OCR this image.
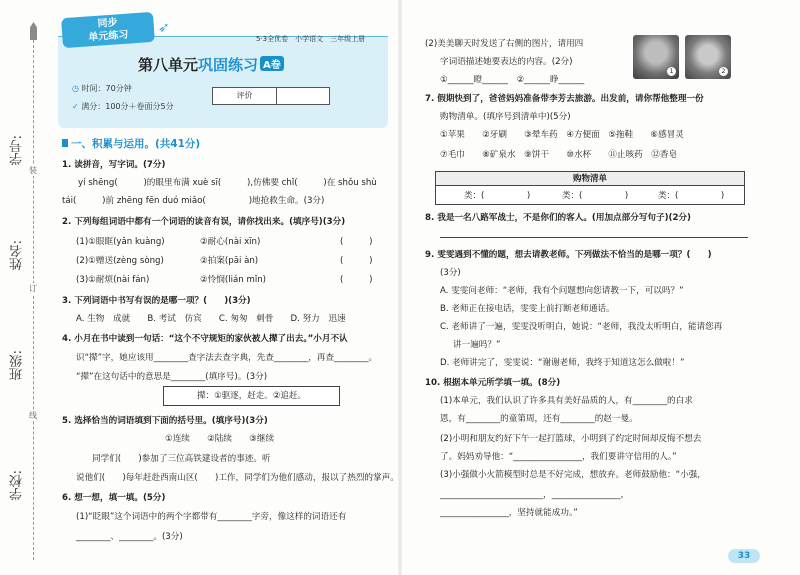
学号:
姓名:
班级:
学校:
装
订
线
同步
单元练习
➶
5·3全优卷　小学语文　三年级上册
第八单元巩固练习 A卷
◷ 时间：70分钟
✓ 满分：100分＋卷面分5分
评价
一、积累与运用。(共41分)
1. 读拼音，写字词。(7分)
yí shēng(　　　)的眼里布满 xuè sī(　　　),仿佛要 chǐ(　　　)在 shǒu shù
tái(　　　)前 zhēng fēn duó miǎo(　　　　　)地抢救生命。(3分)
2. 下列每组词语中都有一个词语的读音有误，请你找出来。(填序号)(3分)
(1)①眼眶(yǎn kuàng)	②耐心(nài xīn)	(　　　)
(2)①赠送(zèng sòng)	②拍案(pāi àn)	(　　　)
(3)①耐烦(nài fán)	②怜悯(lián mǐn)	(　　　)
3. 下列词语中书写有误的是哪一项？(　　)(3分)
A. 生物　成就　　B. 考试　仿宾　　C. 匆匆　刺骨　　D. 努力　迅速
4. 小月在书中读到一句话：“这个不守规矩的家伙被人撵了出去。”小月不认
识“撵”字，她应该用________查字法去查字典，先查________，再查________。
“撵”在这句话中的意思是________(填序号)。(3分)
撵：①驱逐，赶走。②追赶。
5. 选择恰当的词语填到下面的括号里。(填序号)(3分)
①连续　　②陆续　　③继续
同学们(　　)参加了三位高铁建设者的事迹。听
说他们(　　)每年赶赴西南山区(　　)工作，同学们为他们感动，报以了热烈的掌声。
6. 想一想，填一填。(5分)
(1)“眨眼”这个词语中的两个字都带有________字旁，像这样的词语还有
________、________。(3分)
(2)美美聊天时发送了右侧的图片，请用四
字词语描述她要表达的内容。(2分)
①______瞪______　②______睁______
1	2
7. 假期快到了，爸爸妈妈准备带李芳去旅游。出发前，请你帮他整理一份
购物清单。(填序号到清单中)(5分)
①苹果　　②牙刷　　③晕车药　④方便面　⑤拖鞋　　⑥感冒灵
⑦毛巾　　⑧矿泉水　⑨饼干　　⑩水杯　　⑪止咳药　⑫香皂
购物清单
类：(　　　　　)	类：(　　　　　)	类：(　　　　　)
8. 我是一名八路军战士，不是你们的客人。(用加点部分写句子)(2分)
9. 雯雯遇到不懂的题，想去请教老师。下列做法不恰当的是哪一项？(　　)
(3分)
A. 雯雯问老师：“老师，我有个问题想向您请教一下，可以吗？”
B. 老师正在接电话，雯雯上前打断老师通话。
C. 老师讲了一遍，雯雯没听明白，她说：“老师，我没太听明白，能请您再
讲一遍吗？”
D. 老师讲完了，雯雯说：“谢谢老师，我终于知道这怎么做啦！”
10. 根据本单元所学填一填。(8分)
(1)本单元，我们认识了许多具有美好品质的人，有________的白求
恩，有________的童第周，还有________的赵一曼。
(2)小明和朋友约好下午一起打篮球，小明到了约定时间却反悔不想去
了。妈妈劝导他：“________________，我们要讲守信用的人。”
(3)小强做小火箭模型时总是不好完成，想放弃。老师鼓励他：“小强，
________________________，________________，
________________，坚持就能成功。”
33
